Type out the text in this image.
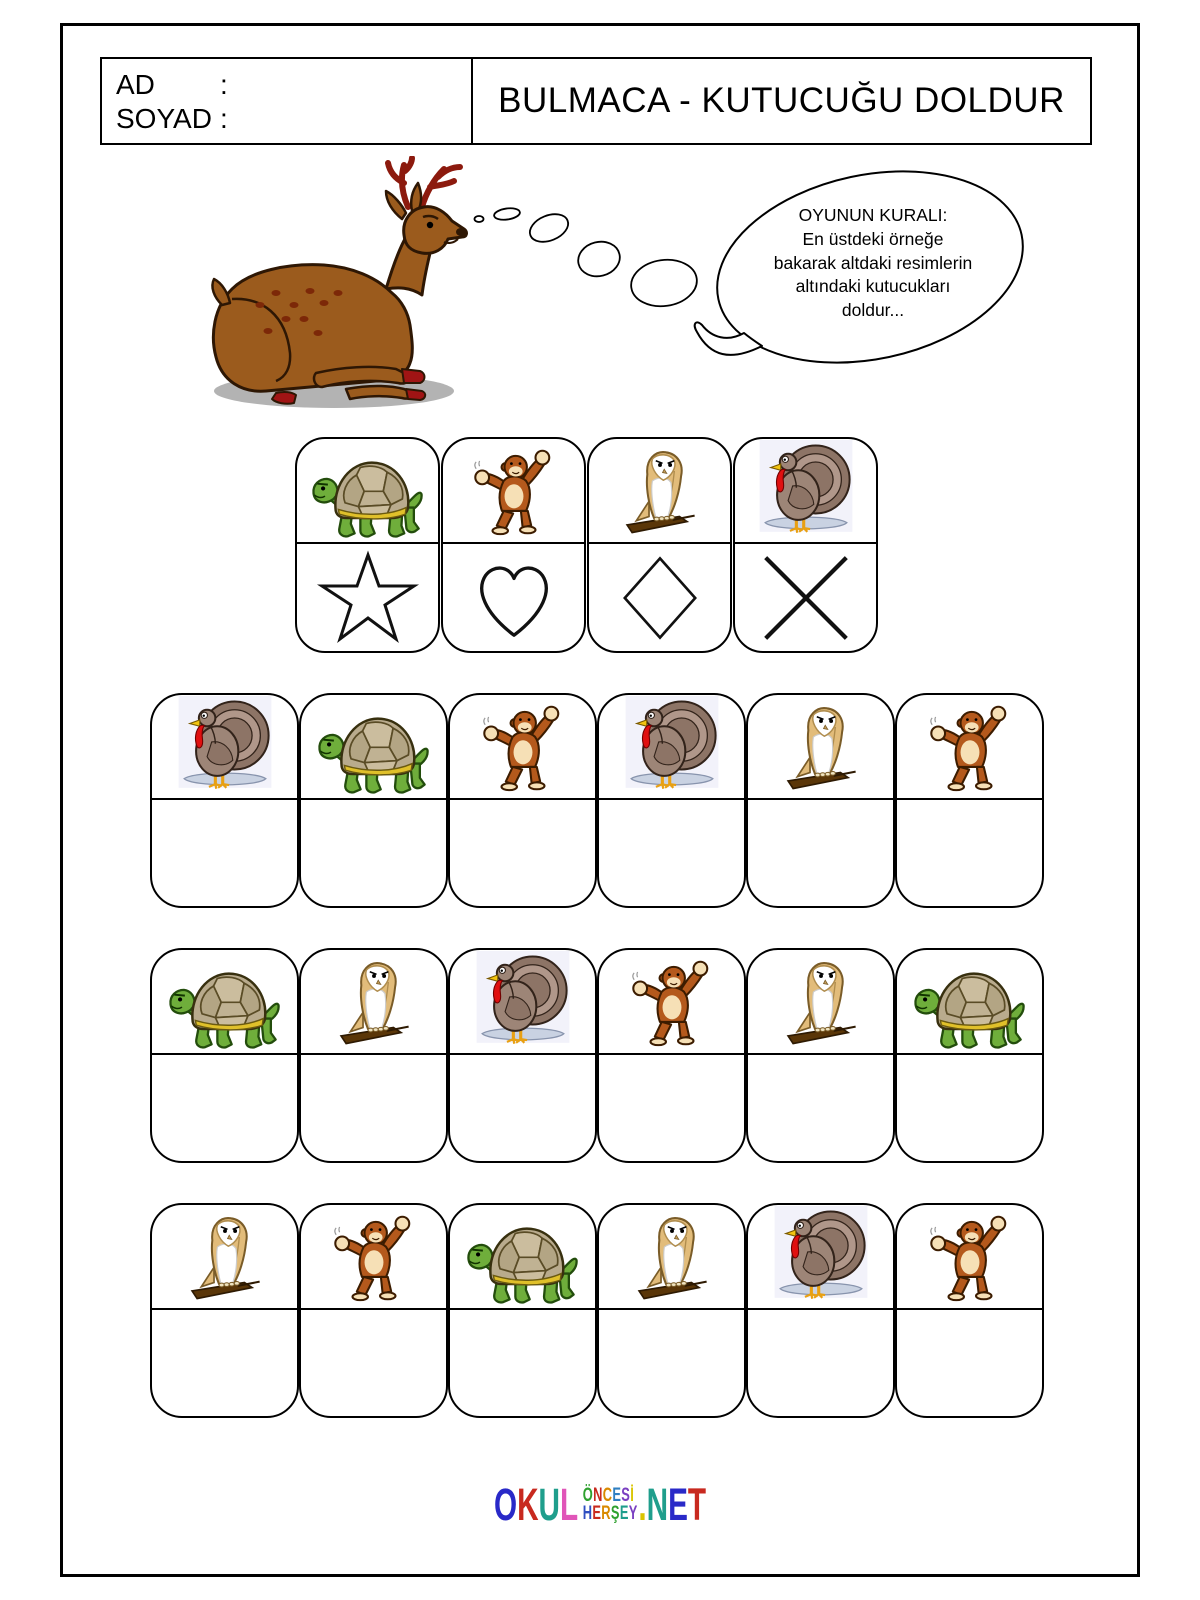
AD	:
SOYAD :	BULMACA - KUTUCUĞU DOLDUR
OYUNUN KURALI:
En üstdeki örneğe
bakarak altdaki resimlerin
altındaki kutucukları
doldur...
O K U L Ö N C E S İ
H E R Ş E Y . N E T
